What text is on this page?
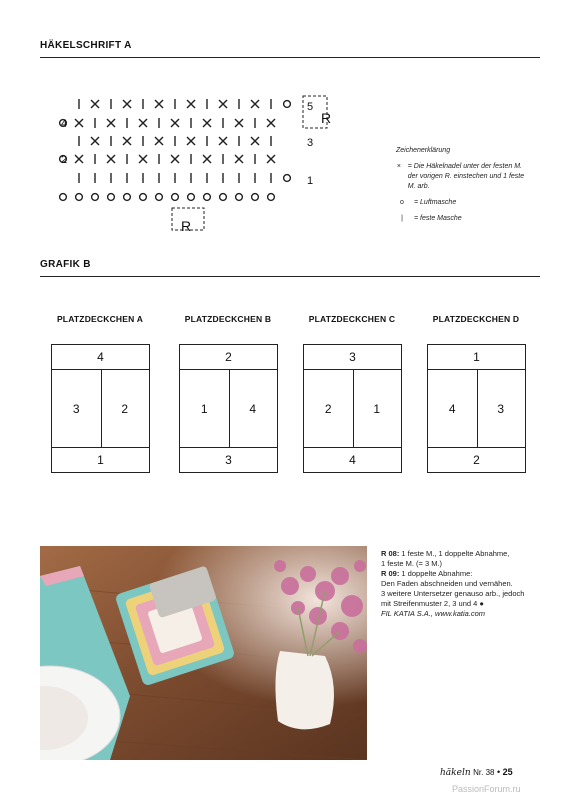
HÄKELSCHRIFT A
4
2
5
3
1
R
R
Zeichenerklärung
× = Die Häkelnadel unter der festen M. der vorigen R. einstechen und 1 feste M. arb.
o	= Luftmasche
|	= feste Masche
GRAFIK B
PLATZDECKCHEN A
4
3	2
1
PLATZDECKCHEN B
2
1	4
3
PLATZDECKCHEN C
3
2	1
4
PLATZDECKCHEN D
1
4	3
2
R 08: 1 feste M., 1 doppelte Abnahme,
1 feste M. (= 3 M.)
R 09: 1 doppelte Abnahme:
Den Faden abschneiden und vernähen.
3 weitere Untersetzer genauso arb., jedoch
mit Streifenmuster 2, 3 und 4 ●
FIL KATIA S.A., www.katia.com
häkeln Nr. 38 • 25
PassionForum.ru
